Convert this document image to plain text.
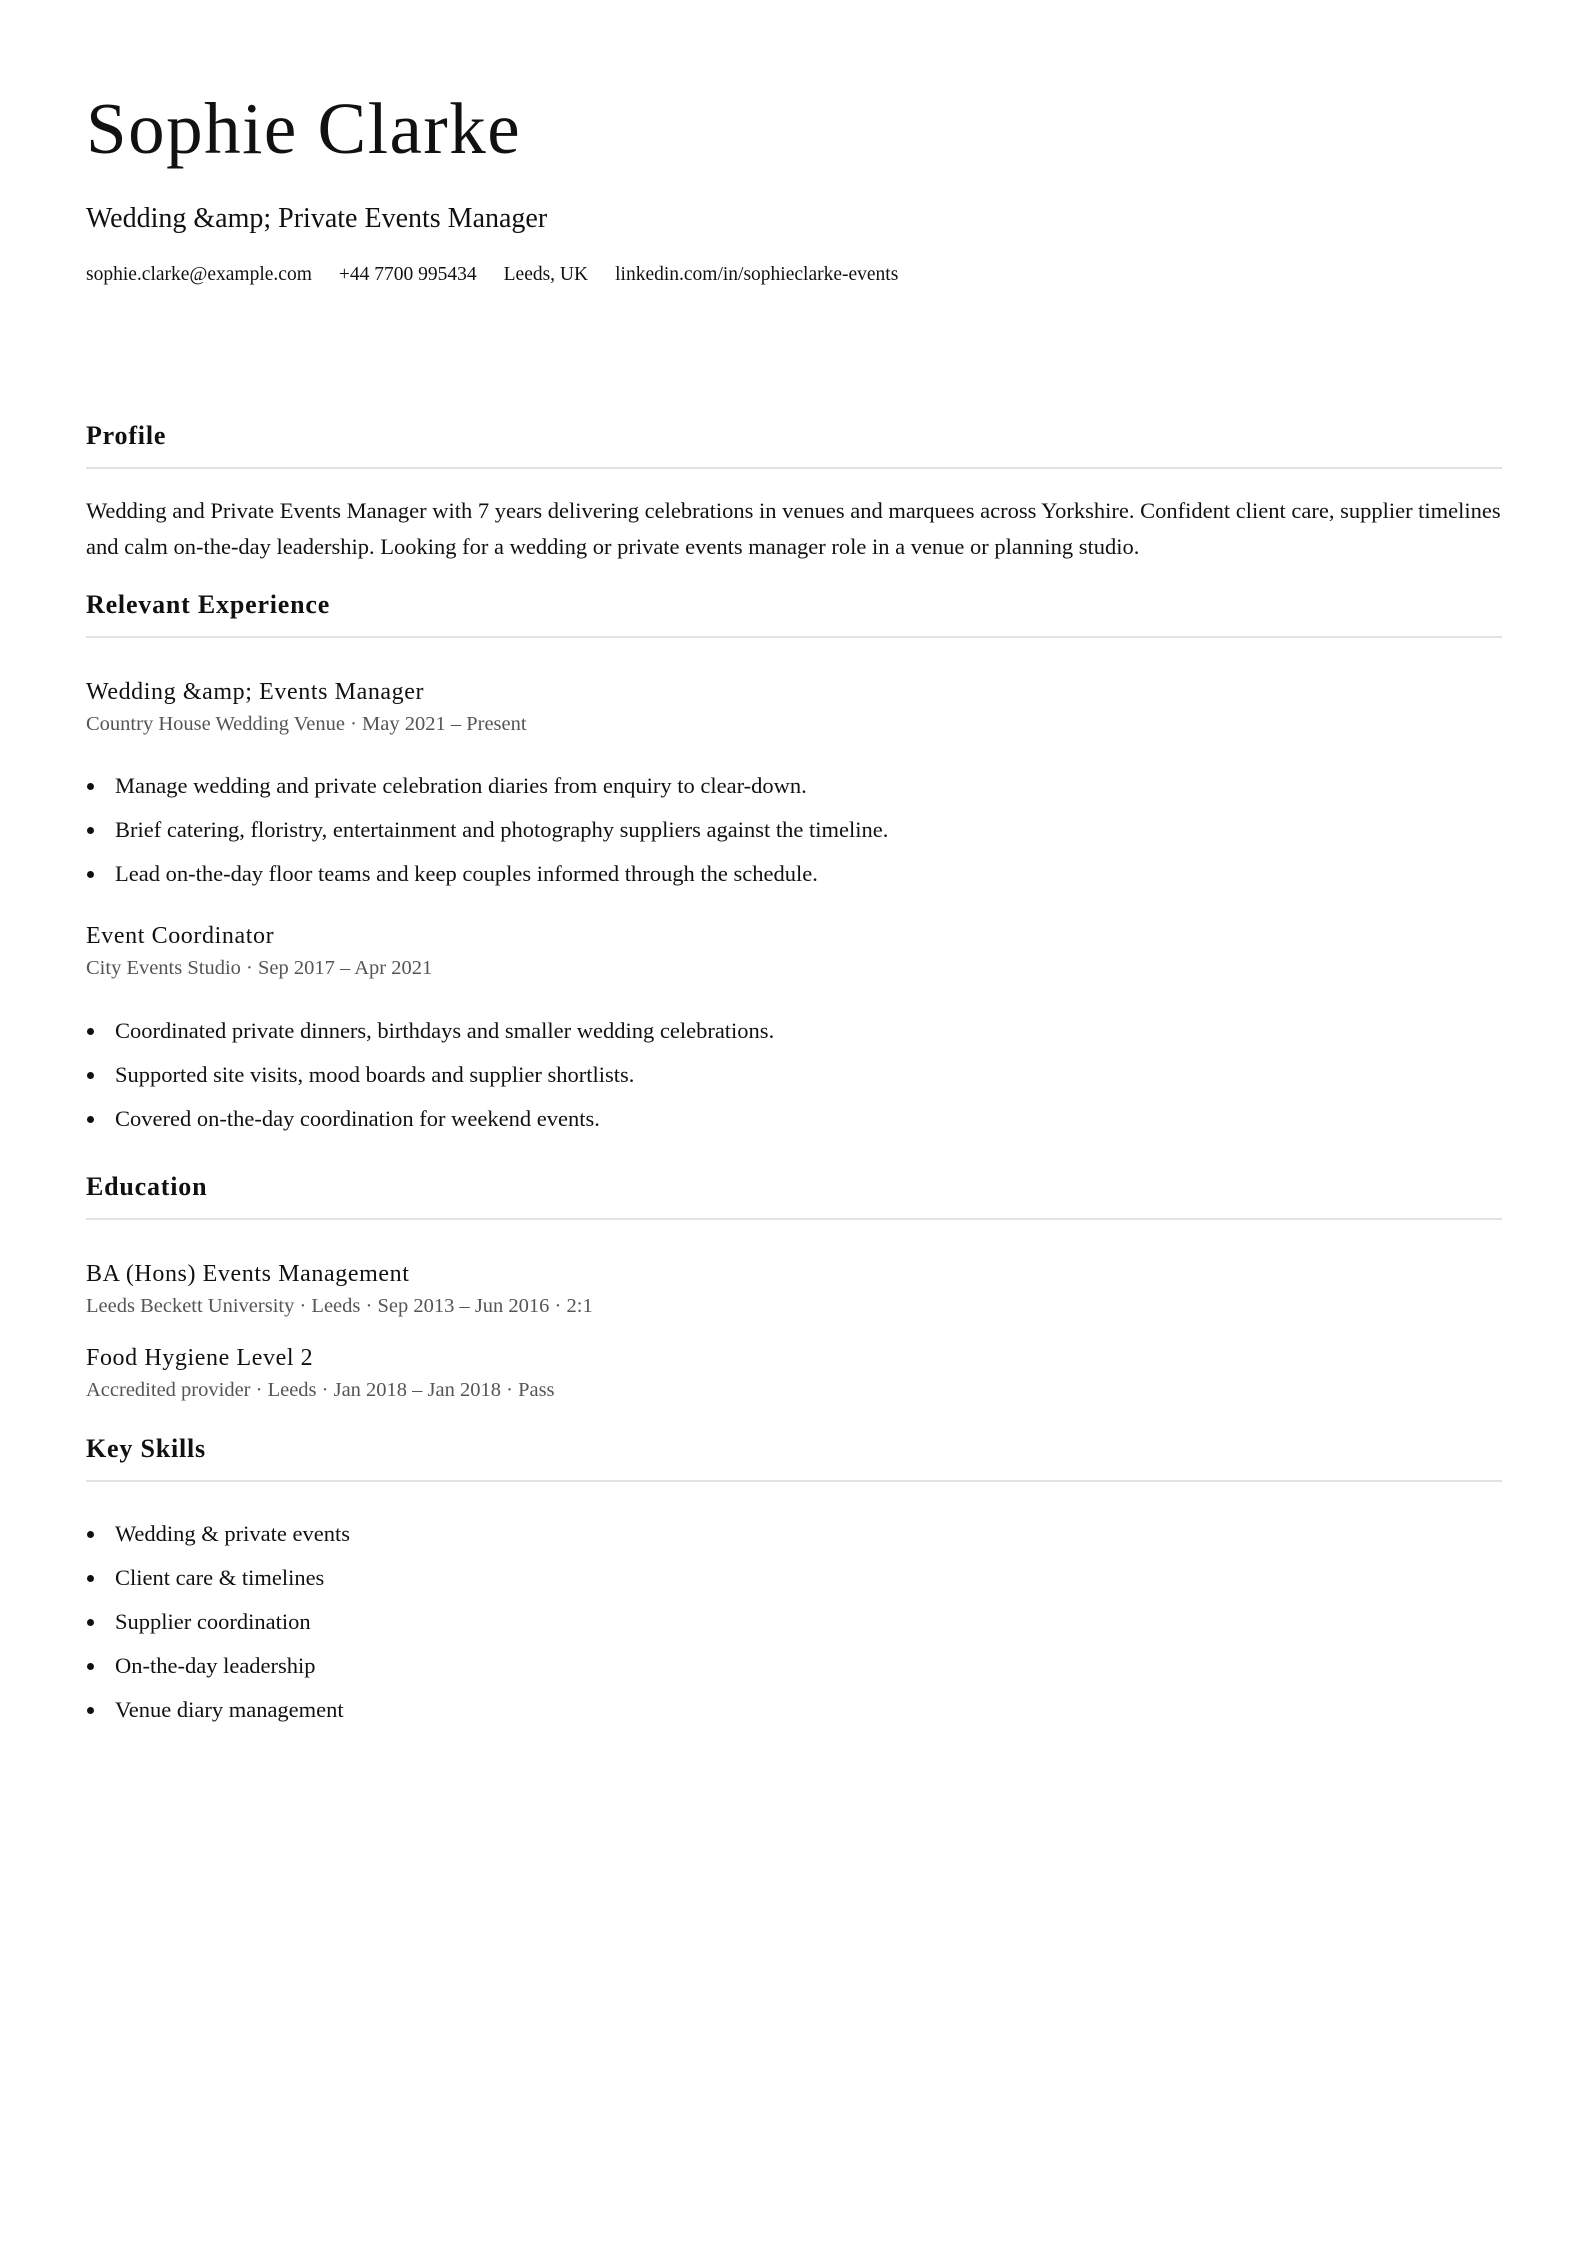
Sophie Clarke
Wedding &amp; Private Events Manager
sophie.clarke@example.com +44 7700 995434 Leeds, UK linkedin.com/in/sophieclarke-events
Profile
Wedding and Private Events Manager with 7 years delivering celebrations in venues and marquees across Yorkshire. Confident client care, supplier timelines and calm on-the-day leadership. Looking for a wedding or private events manager role in a venue or planning studio.
Relevant Experience
Wedding &amp; Events Manager
Country House Wedding Venue · May 2021 – Present
Manage wedding and private celebration diaries from enquiry to clear-down.
Brief catering, floristry, entertainment and photography suppliers against the timeline.
Lead on-the-day floor teams and keep couples informed through the schedule.
Event Coordinator
City Events Studio · Sep 2017 – Apr 2021
Coordinated private dinners, birthdays and smaller wedding celebrations.
Supported site visits, mood boards and supplier shortlists.
Covered on-the-day coordination for weekend events.
Education
BA (Hons) Events Management
Leeds Beckett University · Leeds · Sep 2013 – Jun 2016 · 2:1
Food Hygiene Level 2
Accredited provider · Leeds · Jan 2018 – Jan 2018 · Pass
Key Skills
Wedding & private events
Client care & timelines
Supplier coordination
On-the-day leadership
Venue diary management
